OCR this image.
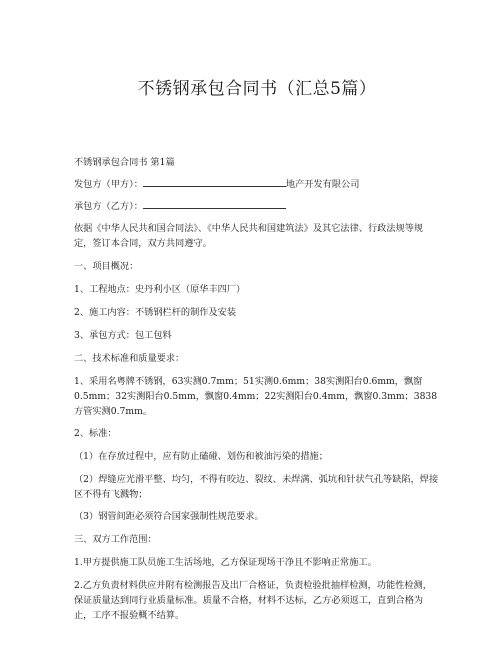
不锈钢承包合同书（汇总5篇）

不锈钢承包合同书 第1篇

发包方（甲方）：	地产开发有限公司

承包方（乙方）：

依据《中华人民共和国合同法》、《中华人民共和国建筑法》及其它法律、行政法规等规定，签订本合同，双方共同遵守。

一、项目概况：

1、工程地点：史丹利小区（原华丰四厂）

2、施工内容：不锈钢栏杆的制作及安装

3、承包方式：包工包料

二、技术标准和质量要求：

1、采用名粤牌不锈钢，63实测0.7mm；51实测0.6mm；38实测阳台0.6mm，飘窗0.5mm；32实测阳台0.5mm，飘窗0.4mm；22实测阳台0.4mm，飘窗0.3mm；3838方管实测0.7mm。

2、标准：

（1）在存放过程中，应有防止磕碰、划伤和被油污染的措施；

（2）焊缝应光滑平整、均匀，不得有咬边、裂纹、未焊满、弧坑和针状气孔等缺陷，焊接区不得有飞溅物；

（3）钢管间距必须符合国家强制性规范要求。

三、双方工作范围：

1.甲方提供施工队员施工生活场地，乙方保证现场干净且不影响正常施工。

2.乙方负责材料供应并附有检测报告及出厂合格证，负责检验批抽样检测，功能性检测，保证质量达到同行业质量标准。质量不合格，材料不达标，乙方必须返工，直到合格为止，工序不报验概不结算。
